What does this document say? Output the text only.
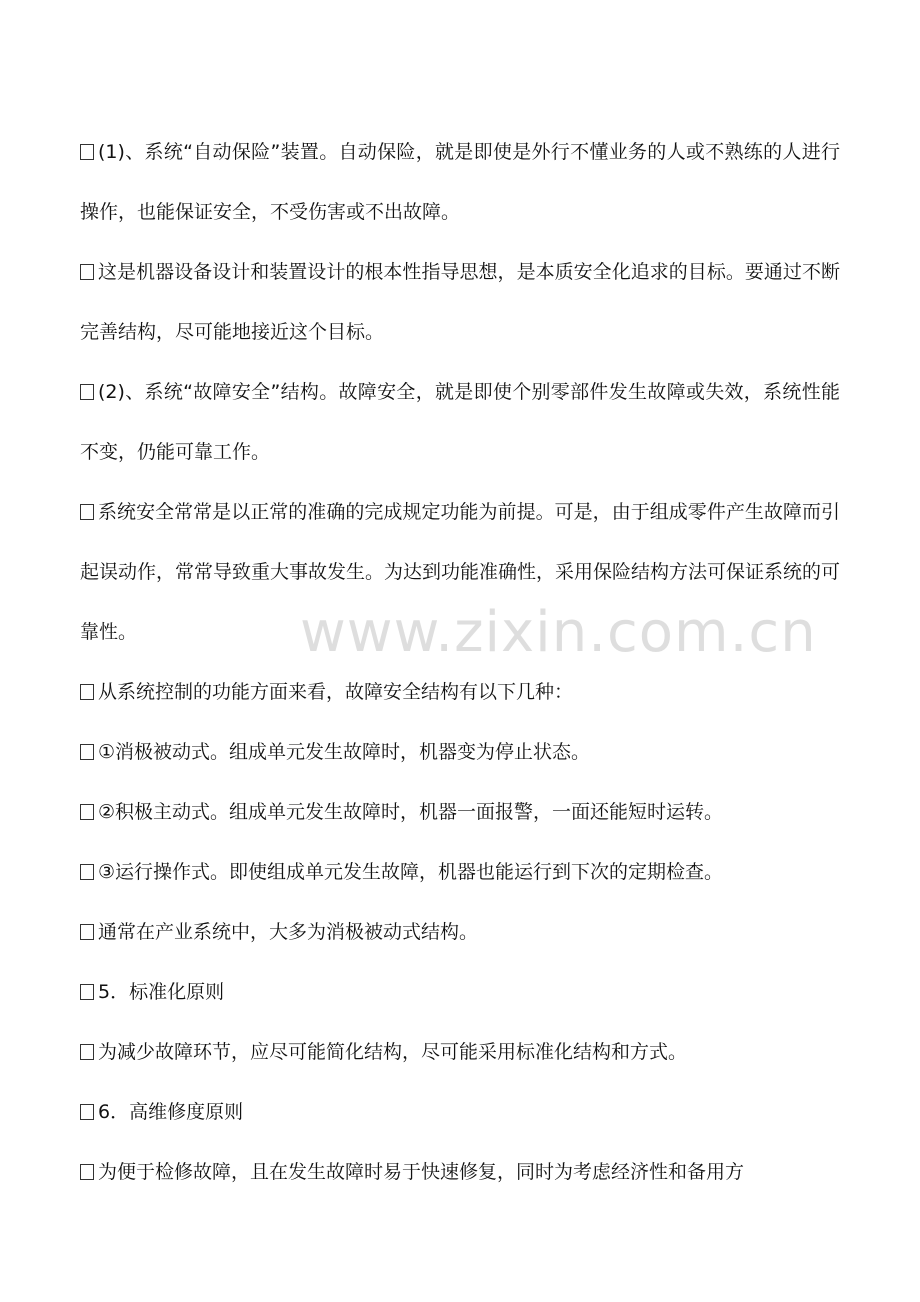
(1)、系统“自动保险”装置。自动保险，就是即使是外行不懂业务的人或不熟练的人进行操作，也能保证安全，不受伤害或不出故障。

这是机器设备设计和装置设计的根本性指导思想，是本质安全化追求的目标。要通过不断完善结构，尽可能地接近这个目标。

(2)、系统“故障安全”结构。故障安全，就是即使个别零部件发生故障或失效，系统性能不变，仍能可靠工作。

系统安全常常是以正常的准确的完成规定功能为前提。可是，由于组成零件产生故障而引起误动作，常常导致重大事故发生。为达到功能准确性，采用保险结构方法可保证系统的可靠性。

从系统控制的功能方面来看，故障安全结构有以下几种：

①消极被动式。组成单元发生故障时，机器变为停止状态。

②积极主动式。组成单元发生故障时，机器一面报警，一面还能短时运转。

③运行操作式。即使组成单元发生故障，机器也能运行到下次的定期检查。

通常在产业系统中，大多为消极被动式结构。

5．标准化原则

为减少故障环节，应尽可能简化结构，尽可能采用标准化结构和方式。

6．高维修度原则

为便于检修故障，且在发生故障时易于快速修复，同时为考虑经济性和备用方

www.zixin.com.cn
